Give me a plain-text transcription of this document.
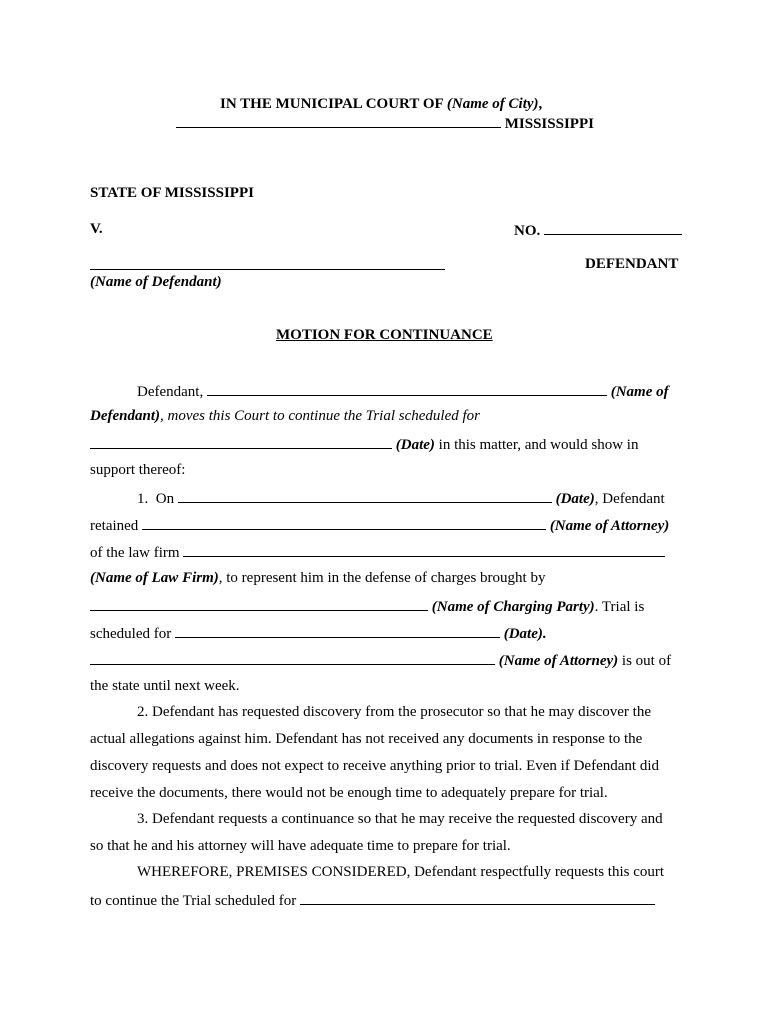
IN THE MUNICIPAL COURT OF (Name of City),
MISSISSIPPI
STATE OF MISSISSIPPI
V.	NO.
DEFENDANT
(Name of Defendant)
MOTION FOR CONTINUANCE
Defendant,	(Name of
Defendant), moves this Court to continue the Trial scheduled for
(Date) in this matter, and would show in
support thereof:
1. On	(Date), Defendant
retained	(Name of Attorney)
of the law firm
(Name of Law Firm), to represent him in the defense of charges brought by
(Name of Charging Party). Trial is
scheduled for	(Date).
(Name of Attorney) is out of
the state until next week.
2. Defendant has requested discovery from the prosecutor so that he may discover the
actual allegations against him. Defendant has not received any documents in response to the
discovery requests and does not expect to receive anything prior to trial. Even if Defendant did
receive the documents, there would not be enough time to adequately prepare for trial.
3. Defendant requests a continuance so that he may receive the requested discovery and
so that he and his attorney will have adequate time to prepare for trial.
WHEREFORE, PREMISES CONSIDERED, Defendant respectfully requests this court
to continue the Trial scheduled for
